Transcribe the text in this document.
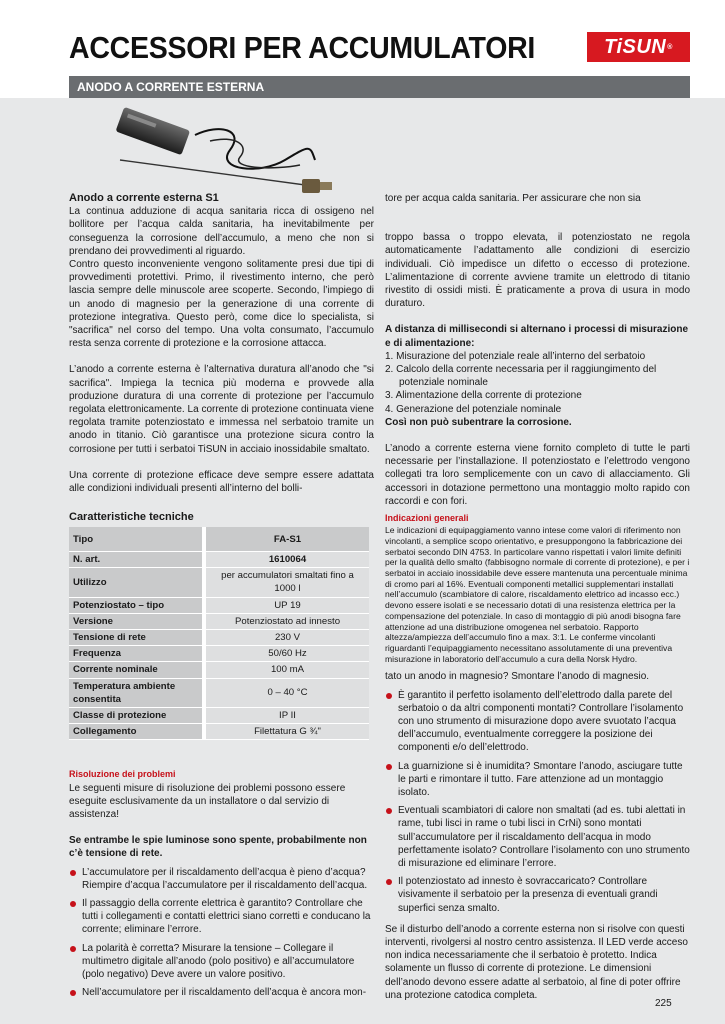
ACCESSORI PER ACCUMULATORI	TiSUN ®
ANODO A CORRENTE ESTERNA

Anodo a corrente esterna S1

La continua adduzione di acqua sanitaria ricca di ossigeno nel bollitore per l’acqua calda sanitaria, ha inevitabilmente per conseguenza la corrosione dell’accumulo, a meno che non si prendano dei provvedimenti al riguardo.

Contro questo inconveniente vengono solitamente presi due tipi di provvedimenti protettivi. Primo, il rivestimento interno, che però lascia sempre delle minuscole aree scoperte. Secondo, l’impiego di un anodo di magnesio per la generazione di una corrente di protezione integrativa. Questo però, come dice lo specialista, si "sacrifica" nel corso del tempo. Una volta consumato, l’accumulo resta senza corrente di protezione e la corrosione attacca.

L’anodo a corrente esterna è l’alternativa duratura all’anodo che "si sacrifica". Impiega la tecnica più moderna e provvede alla produzione duratura di una corrente di protezione per l’accumulo regolata elettronicamente. La corrente di protezione continuata viene regolata tramite potenziostato e immessa nel serbatoio tramite un anodo in titanio. Ciò garantisce una protezione sicura contro la corrosione per tutti i serbatoi TiSUN in acciaio inossidabile smaltato.

Una corrente di protezione efficace deve sempre essere adattata alle condizioni individuali presenti all’interno del bolli-

Caratteristiche tecniche

Tipo	FA-S1
N. art.	1610064
Utilizzo	per accumulatori smaltati fino a 1000 l
Potenziostato – tipo	UP 19
Versione	Potenziostato ad innesto
Tensione di rete	230 V
Frequenza	50/60 Hz
Corrente nominale	100 mA
Temperatura ambiente consentita	0 – 40 °C
Classe di protezione	IP II
Collegamento	Filettatura G ¾"

Risoluzione dei problemi

Le seguenti misure di risoluzione dei problemi possono essere eseguite esclusivamente da un installatore o dal servizio di assistenza!

Se entrambe le spie luminose sono spente, probabilmente non c’è tensione di rete.

L’accumulatore per il riscaldamento dell’acqua è pieno d’acqua? Riempire d’acqua l’accumulatore per il riscaldamento dell’acqua.
Il passaggio della corrente elettrica è garantito? Controllare che tutti i collegamenti e contatti elettrici siano corretti e conducano la corrente; eliminare l’errore.
La polarità è corretta? Misurare la tensione – Collegare il multimetro digitale all’anodo (polo positivo) e all’accumulatore (polo negativo) Deve avere un valore positivo.
Nell’accumulatore per il riscaldamento dell’acqua è ancora mon-

tore per acqua calda sanitaria. Per assicurare che non sia

troppo bassa o troppo elevata, il potenziostato ne regola automaticamente l’adattamento alle condizioni di esercizio individuali. Ciò impedisce un difetto o eccesso di protezione. L’alimentazione di corrente avviene tramite un elettrodo di titanio rivestito di ossidi misti. È praticamente a prova di usura in modo duraturo.

A distanza di millisecondi si alternano i processi di misurazione e di alimentazione:

1. Misurazione del potenziale reale all’interno del serbatoio
2. Calcolo della corrente necessaria per il raggiungimento del potenziale nominale
3. Alimentazione della corrente di protezione
4. Generazione del potenziale nominale

Così non può subentrare la corrosione.

L’anodo a corrente esterna viene fornito completo di tutte le parti necessarie per l’installazione. Il potenziostato e l’elettrodo vengono collegati tra loro semplicemente con un cavo di allacciamento. Gli accessori in dotazione permettono una montaggio molto rapido con raccordi e con fori.

Indicazioni generali

Le indicazioni di equipaggiamento vanno intese come valori di riferimento non vincolanti, a semplice scopo orientativo, e presuppongono la fabbricazione dei serbatoi secondo DIN 4753. In particolare vanno rispettati i valori limite definiti per la qualità dello smalto (fabbisogno normale di corrente di protezione), e per i serbatoi in acciaio inossidabile deve essere mantenuta una percentuale minima di cromo pari al 16%. Eventuali componenti metallici supplementari installati nell’accumulo (scambiatore di calore, riscaldamento elettrico ad incasso ecc.) devono essere isolati e se necessario dotati di una resistenza elettrica per la compensazione del potenziale. In caso di montaggio di più anodi bisogna fare attenzione ad una distribuzione omogenea nel serbatoio. Rapporto altezza/ampiezza dell’accumulo fino a max. 3:1. Le conferme vincolanti riguardanti l’equipaggiamento necessitano assolutamente di una preventiva misurazione in laboratorio dell’accumulo a cura della Norsk Hydro.

tato un anodo in magnesio? Smontare l’anodo di magnesio.

È garantito il perfetto isolamento dell’elettrodo dalla parete del serbatoio o da altri componenti montati? Controllare l’isolamento con uno strumento di misurazione dopo avere svuotato l’acqua dell’accumulo, eventualmente correggere la posizione dei componenti e/o dell’elettrodo.
La guarnizione si è inumidita? Smontare l’anodo, asciugare tutte le parti e rimontare il tutto. Fare attenzione ad un montaggio isolato.
Eventuali scambiatori di calore non smaltati (ad es. tubi alettati in rame, tubi lisci in rame o tubi lisci in CrNi) sono montati sull’accumulatore per il riscaldamento dell’acqua in modo perfettamente isolato? Controllare l’isolamento con uno strumento di misurazione ed eliminare l’errore.
Il potenziostato ad innesto è sovraccaricato? Controllare visivamente il serbatoio per la presenza di eventuali grandi superfici senza smalto.

Se il disturbo dell’anodo a corrente esterna non si risolve con questi interventi, rivolgersi al nostro centro assistenza. Il LED verde acceso non indica necessariamente che il serbatoio è protetto. Indica solamente un flusso di corrente di protezione. Le dimensioni dell’anodo devono essere adatte al serbatoio, al fine di poter offrire una protezione catodica completa.

225
